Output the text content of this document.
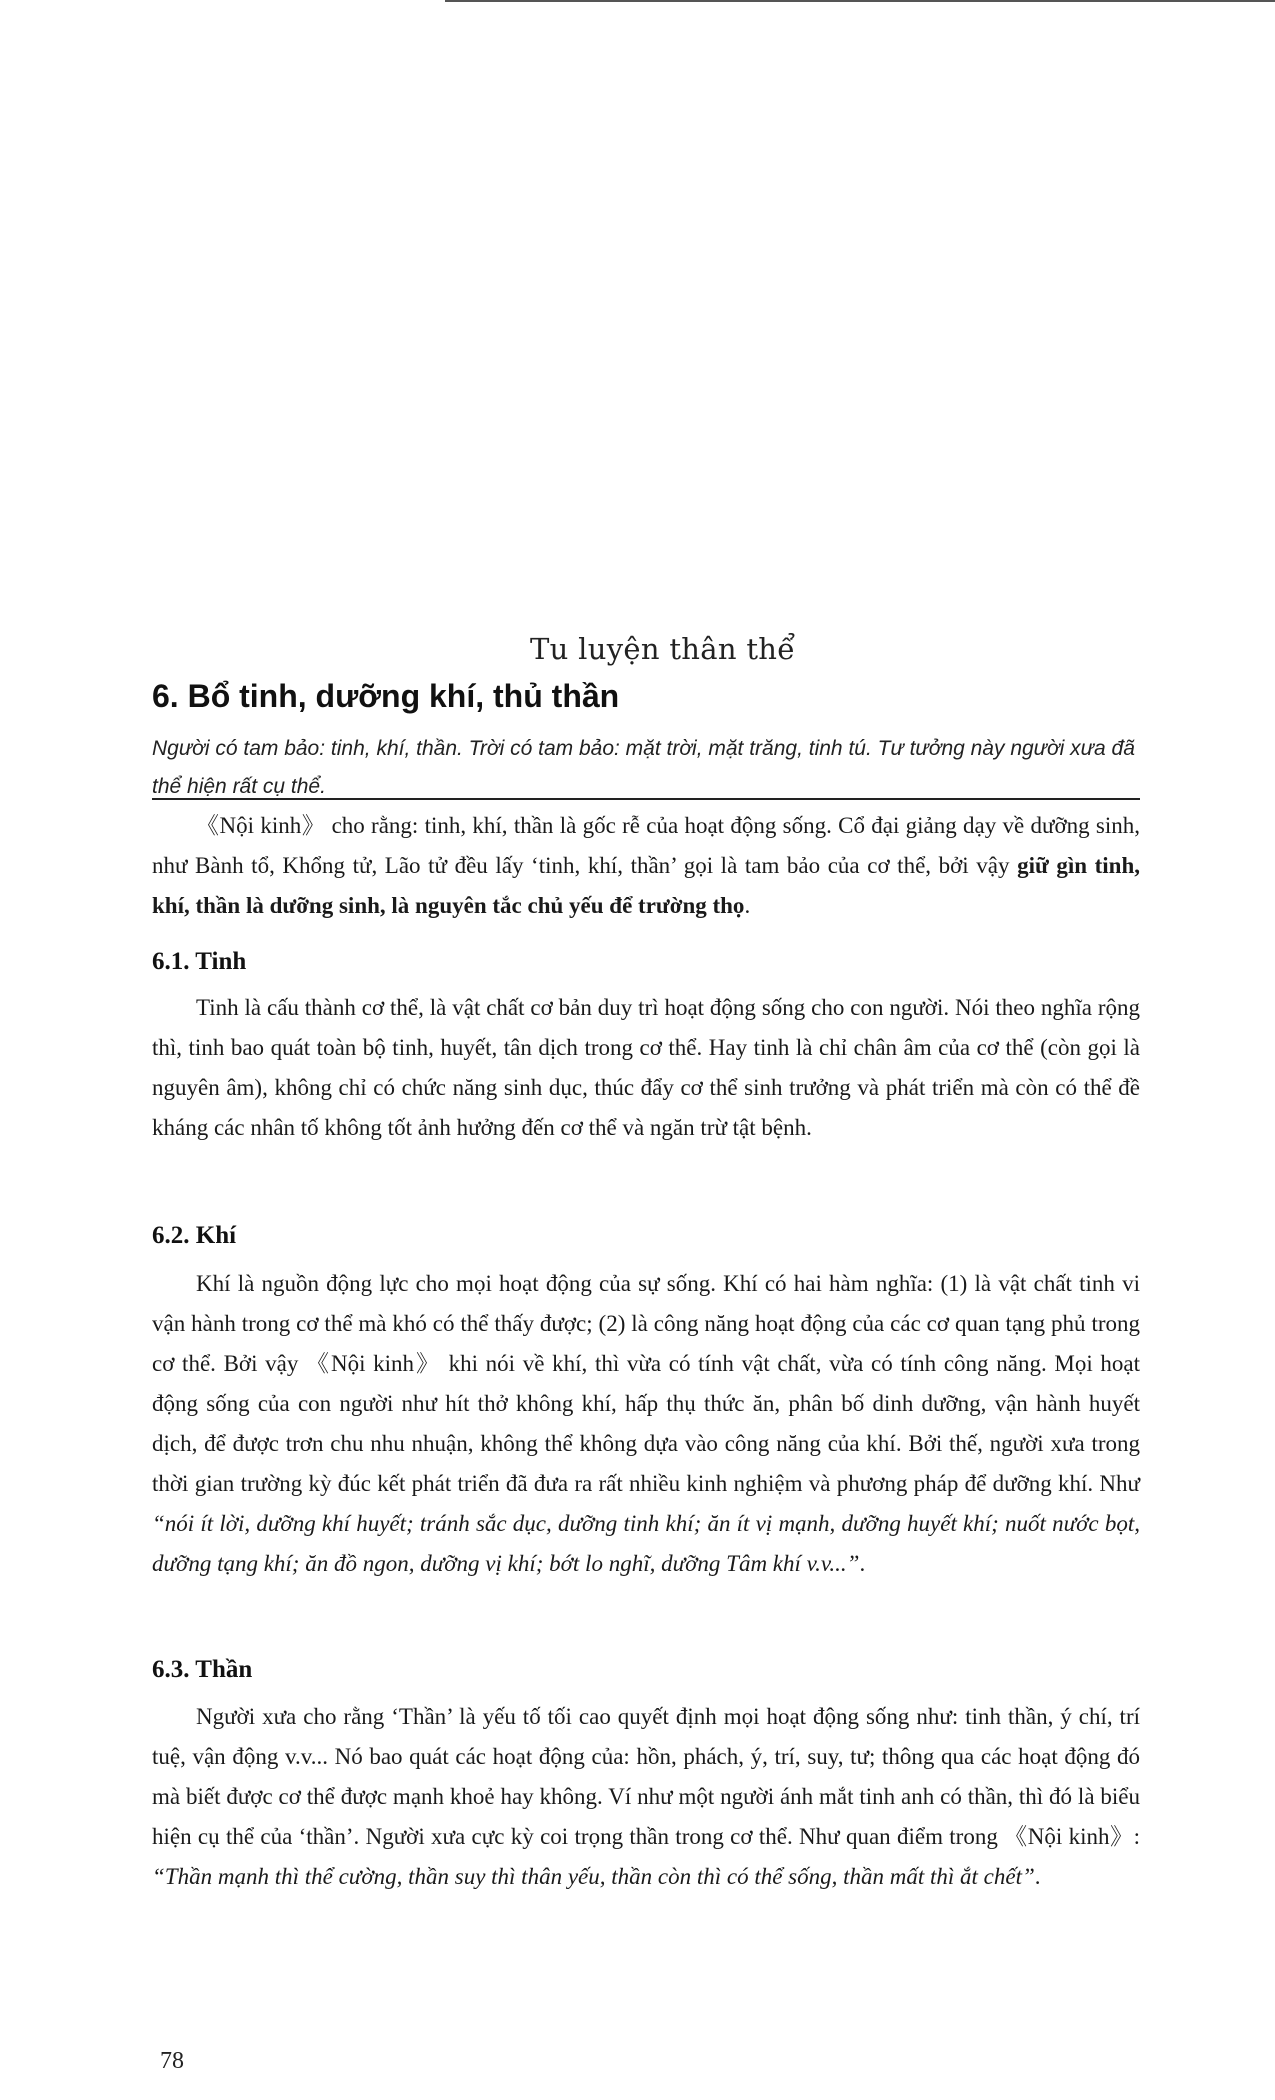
Tu luyện thân thể
6. Bổ tinh, dưỡng khí, thủ thần

Người có tam bảo: tinh, khí, thần. Trời có tam bảo: mặt trời, mặt trăng, tinh tú. Tư tưởng này người xưa đã thể hiện rất cụ thể.

《Nội kinh》 cho rằng: tinh, khí, thần là gốc rễ của hoạt động sống. Cổ đại giảng dạy về dưỡng sinh, như Bành tổ, Khổng tử, Lão tử đều lấy ‘tinh, khí, thần’ gọi là tam bảo của cơ thể, bởi vậy giữ gìn tinh, khí, thần là dưỡng sinh, là nguyên tắc chủ yếu để trường thọ.

6.1. Tinh

Tinh là cấu thành cơ thể, là vật chất cơ bản duy trì hoạt động sống cho con người. Nói theo nghĩa rộng thì, tinh bao quát toàn bộ tinh, huyết, tân dịch trong cơ thể. Hay tinh là chỉ chân âm của cơ thể (còn gọi là nguyên âm), không chỉ có chức năng sinh dục, thúc đẩy cơ thể sinh trưởng và phát triển mà còn có thể đề kháng các nhân tố không tốt ảnh hưởng đến cơ thể và ngăn trừ tật bệnh.

6.2. Khí

Khí là nguồn động lực cho mọi hoạt động của sự sống. Khí có hai hàm nghĩa: (1) là vật chất tinh vi vận hành trong cơ thể mà khó có thể thấy được; (2) là công năng hoạt động của các cơ quan tạng phủ trong cơ thể. Bởi vậy 《Nội kinh》 khi nói về khí, thì vừa có tính vật chất, vừa có tính công năng. Mọi hoạt động sống của con người như hít thở không khí, hấp thụ thức ăn, phân bố dinh dưỡng, vận hành huyết dịch, để được trơn chu nhu nhuận, không thể không dựa vào công năng của khí. Bởi thế, người xưa trong thời gian trường kỳ đúc kết phát triển đã đưa ra rất nhiều kinh nghiệm và phương pháp để dưỡng khí. Như “nói ít lời, dưỡng khí huyết; tránh sắc dục, dưỡng tinh khí; ăn ít vị mạnh, dưỡng huyết khí; nuốt nước bọt, dưỡng tạng khí; ăn đồ ngon, dưỡng vị khí; bớt lo nghĩ, dưỡng Tâm khí v.v...”.

6.3. Thần

Người xưa cho rằng ‘Thần’ là yếu tố tối cao quyết định mọi hoạt động sống như: tinh thần, ý chí, trí tuệ, vận động v.v... Nó bao quát các hoạt động của: hồn, phách, ý, trí, suy, tư; thông qua các hoạt động đó mà biết được cơ thể được mạnh khoẻ hay không. Ví như một người ánh mắt tinh anh có thần, thì đó là biểu hiện cụ thể của ‘thần’. Người xưa cực kỳ coi trọng thần trong cơ thể. Như quan điểm trong 《Nội kinh》: “Thần mạnh thì thể cường, thần suy thì thân yếu, thần còn thì có thể sống, thần mất thì ắt chết”.

78
